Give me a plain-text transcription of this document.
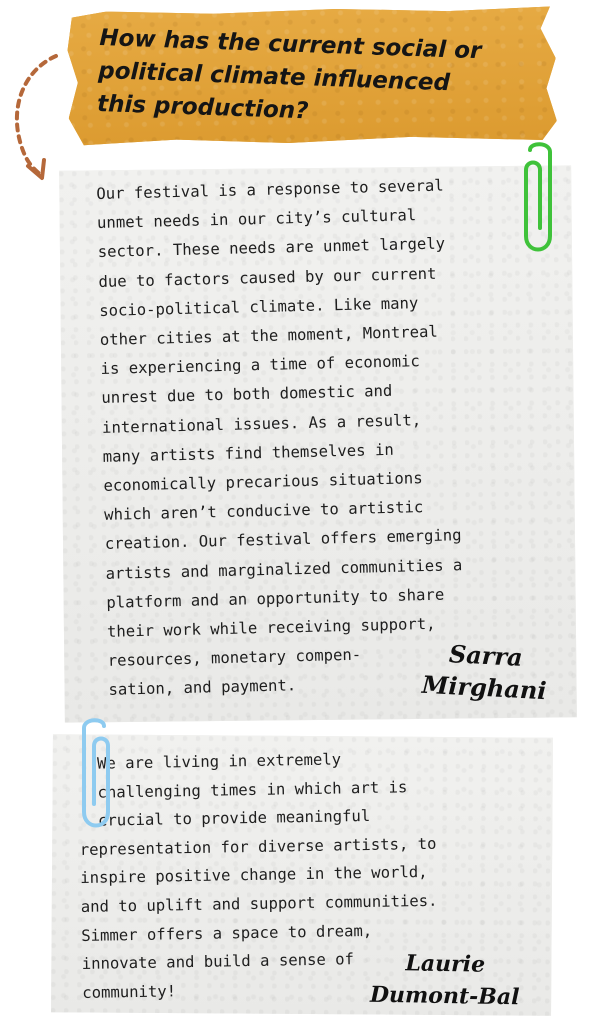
How has the current social or
political climate influenced
this production?

Our festival is a response to several
unmet needs in our city’s cultural
sector. These needs are unmet largely
due to factors caused by our current
socio-political climate. Like many
other cities at the moment, Montreal
is experiencing a time of economic
unrest due to both domestic and
international issues. As a result,
many artists find themselves in
economically precarious situations
which aren’t conducive to artistic
creation. Our festival offers emerging
artists and marginalized communities a
platform and an opportunity to share
their work while receiving support,
resources, monetary compen-
sation, and payment.

Sarra
Mirghani

We are living in extremely
challenging times in which art is
crucial to provide meaningful
representation for diverse artists, to
inspire positive change in the world,
and to uplift and support communities.
Simmer offers a space to dream,
innovate and build a sense of
community!

Laurie
Dumont-Bal
